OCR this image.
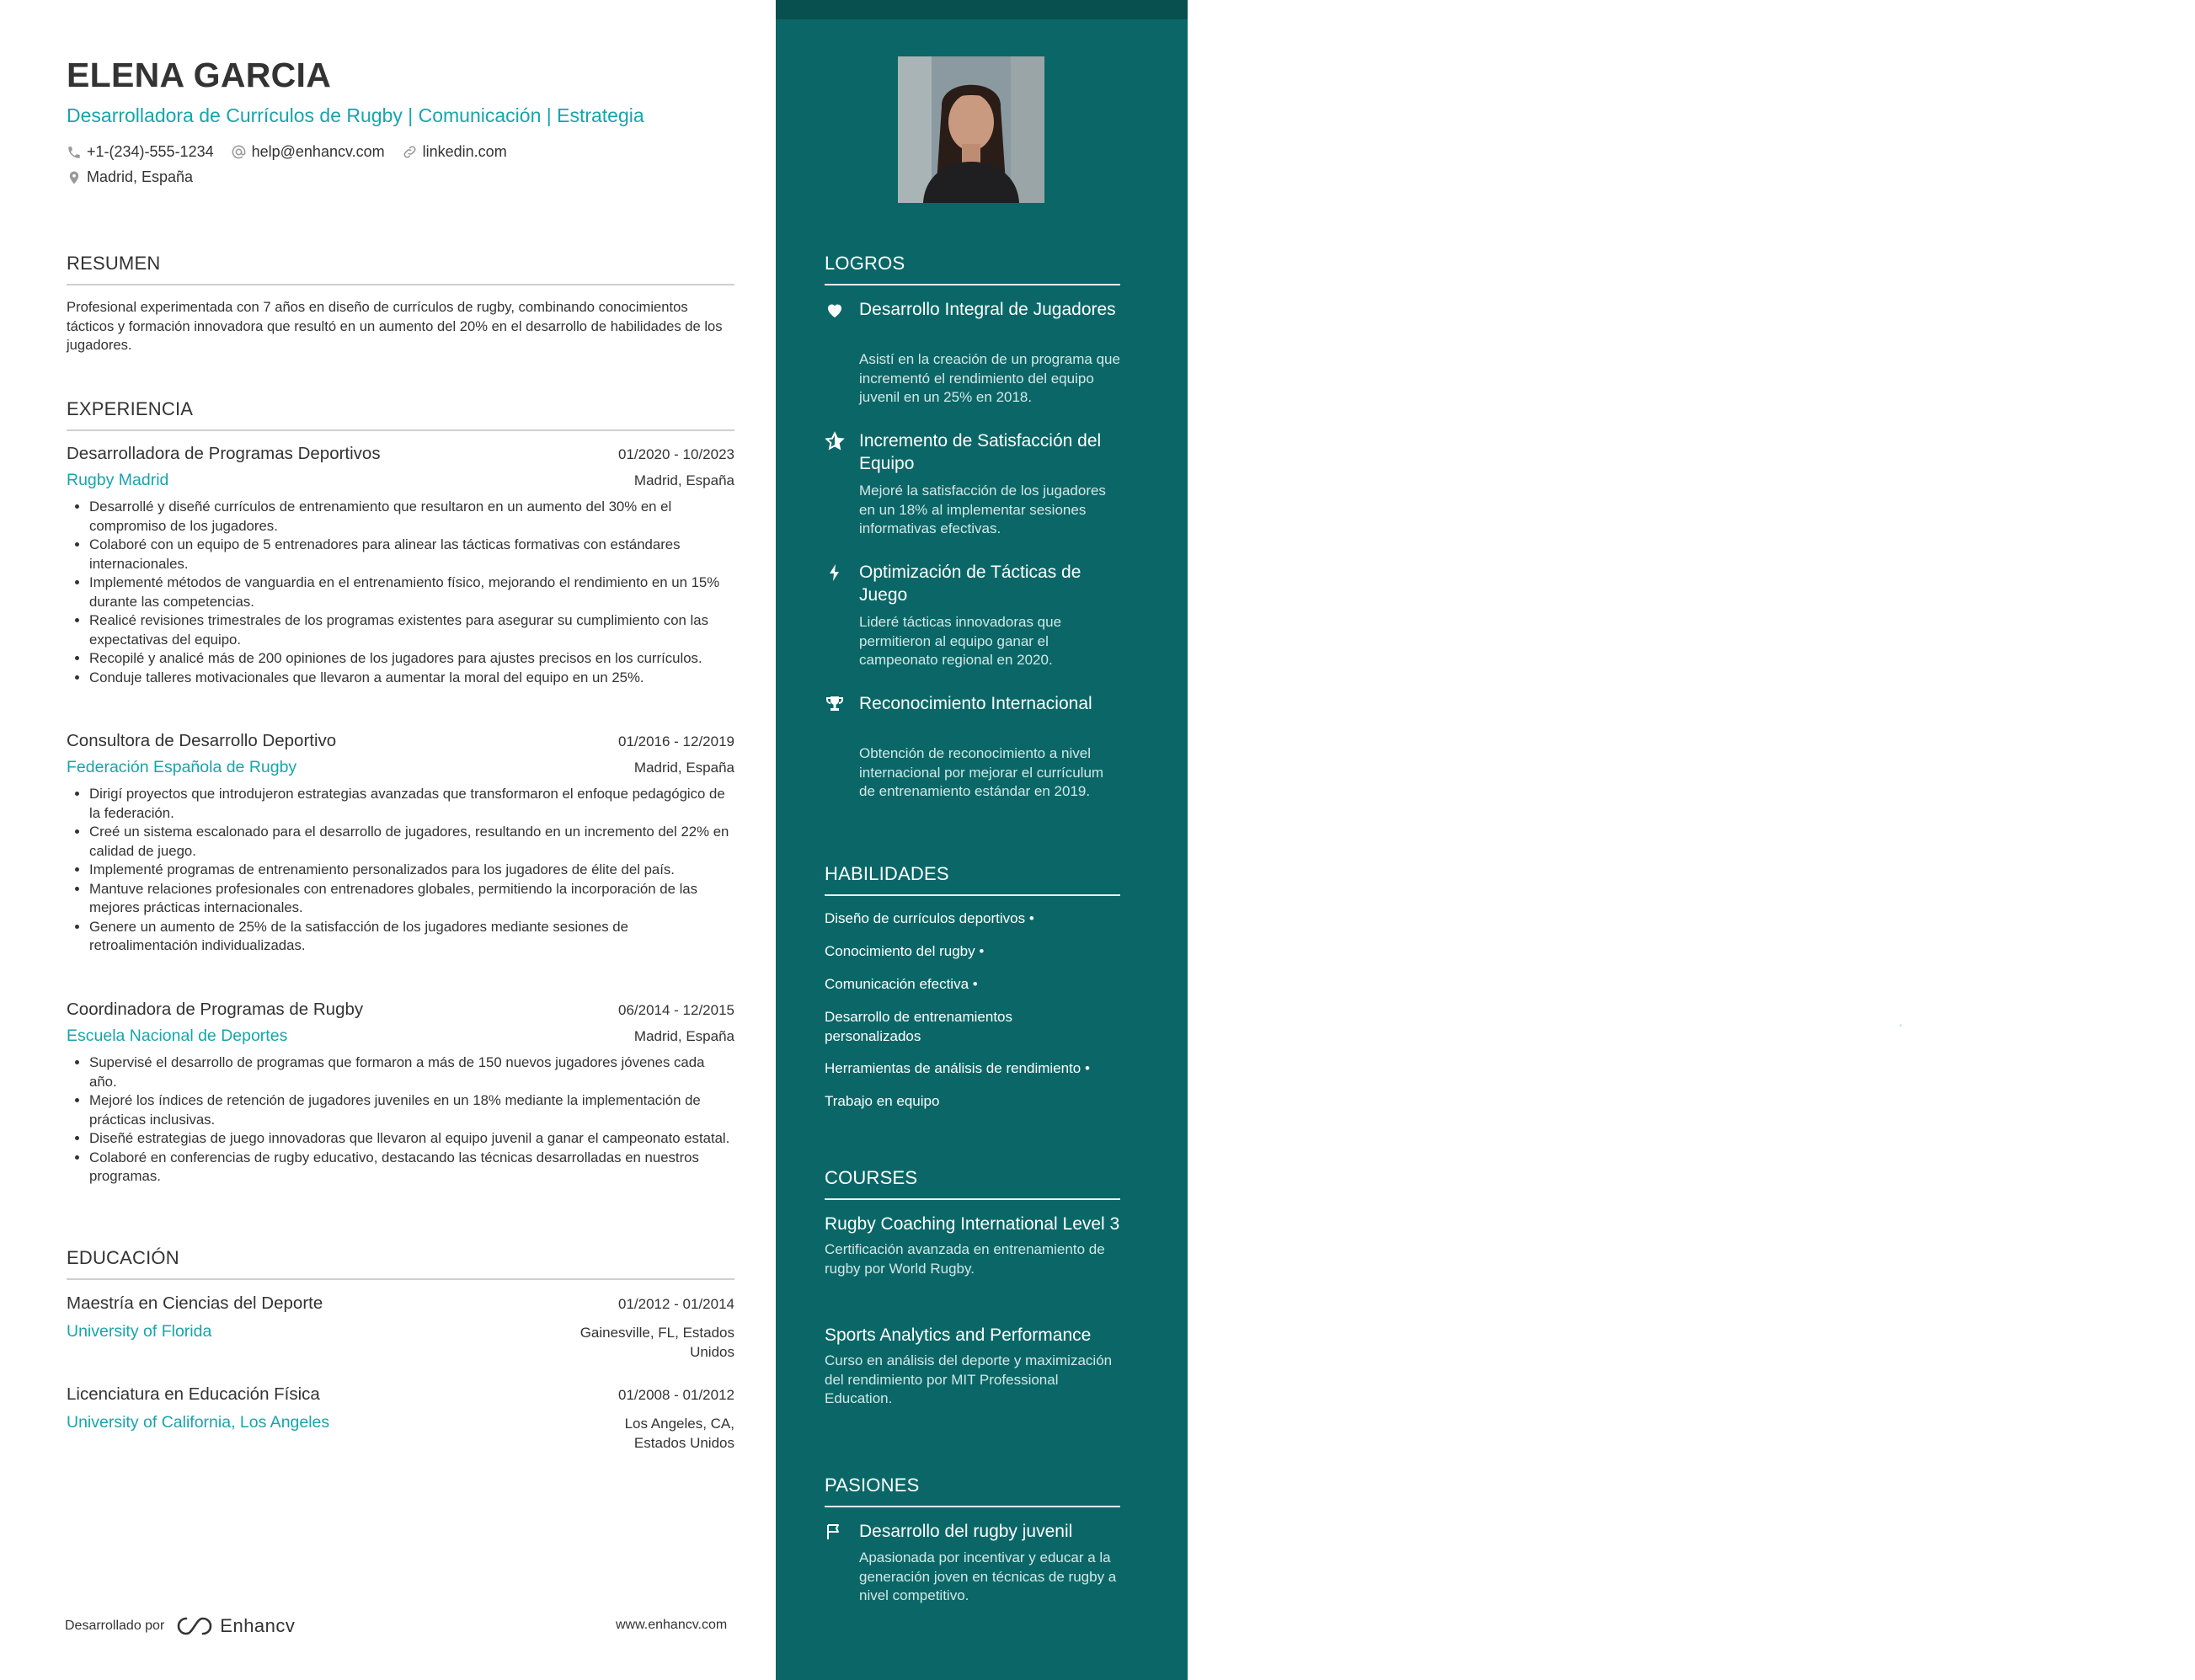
ELENA GARCIA
Desarrolladora de Currículos de Rugby | Comunicación | Estrategia
+1-(234)-555-1234	help@enhancv.com	linkedin.com
Madrid, España
RESUMEN
Profesional experimentada con 7 años en diseño de currículos de rugby, combinando conocimientos tácticos y formación innovadora que resultó en un aumento del 20% en el desarrollo de habilidades de los jugadores.
EXPERIENCIA
Desarrolladora de Programas Deportivos	01/2020 - 10/2023
Rugby Madrid	Madrid, España
• Desarrollé y diseñé currículos de entrenamiento que resultaron en un aumento del 30% en el compromiso de los jugadores.
• Colaboré con un equipo de 5 entrenadores para alinear las tácticas formativas con estándares internacionales.
• Implementé métodos de vanguardia en el entrenamiento físico, mejorando el rendimiento en un 15% durante las competencias.
• Realicé revisiones trimestrales de los programas existentes para asegurar su cumplimiento con las expectativas del equipo.
• Recopilé y analicé más de 200 opiniones de los jugadores para ajustes precisos en los currículos.
• Conduje talleres motivacionales que llevaron a aumentar la moral del equipo en un 25%.
Consultora de Desarrollo Deportivo	01/2016 - 12/2019
Federación Española de Rugby	Madrid, España
• Dirigí proyectos que introdujeron estrategias avanzadas que transformaron el enfoque pedagógico de la federación.
• Creé un sistema escalonado para el desarrollo de jugadores, resultando en un incremento del 22% en calidad de juego.
• Implementé programas de entrenamiento personalizados para los jugadores de élite del país.
• Mantuve relaciones profesionales con entrenadores globales, permitiendo la incorporación de las mejores prácticas internacionales.
• Genere un aumento de 25% de la satisfacción de los jugadores mediante sesiones de retroalimentación individualizadas.
Coordinadora de Programas de Rugby	06/2014 - 12/2015
Escuela Nacional de Deportes	Madrid, España
• Supervisé el desarrollo de programas que formaron a más de 150 nuevos jugadores jóvenes cada año.
• Mejoré los índices de retención de jugadores juveniles en un 18% mediante la implementación de prácticas inclusivas.
• Diseñé estrategias de juego innovadoras que llevaron al equipo juvenil a ganar el campeonato estatal.
• Colaboré en conferencias de rugby educativo, destacando las técnicas desarrolladas en nuestros programas.
EDUCACIÓN
Maestría en Ciencias del Deporte	01/2012 - 01/2014
University of Florida	Gainesville, FL, Estados
Unidos
Licenciatura en Educación Física	01/2008 - 01/2012
University of California, Los Angeles	Los Angeles, CA,
Estados Unidos
Desarrollado por	Enhancv	www.enhancv.com
LOGROS
Desarrollo Integral de Jugadores
Asistí en la creación de un programa que incrementó el rendimiento del equipo juvenil en un 25% en 2018.
Incremento de Satisfacción del Equipo
Mejoré la satisfacción de los jugadores en un 18% al implementar sesiones informativas efectivas.
Optimización de Tácticas de Juego
Lideré tácticas innovadoras que permitieron al equipo ganar el campeonato regional en 2020.
Reconocimiento Internacional
Obtención de reconocimiento a nivel internacional por mejorar el currículum de entrenamiento estándar en 2019.
HABILIDADES
Diseño de currículos deportivos •
Conocimiento del rugby •
Comunicación efectiva •
Desarrollo de entrenamientos personalizados
•
Herramientas de análisis de rendimiento •
Trabajo en equipo
COURSES
Rugby Coaching International Level 3
Certificación avanzada en entrenamiento de rugby por World Rugby.
Sports Analytics and Performance
Curso en análisis del deporte y maximización del rendimiento por MIT Professional Education.
PASIONES
Desarrollo del rugby juvenil
Apasionada por incentivar y educar a la generación joven en técnicas de rugby a nivel competitivo.
